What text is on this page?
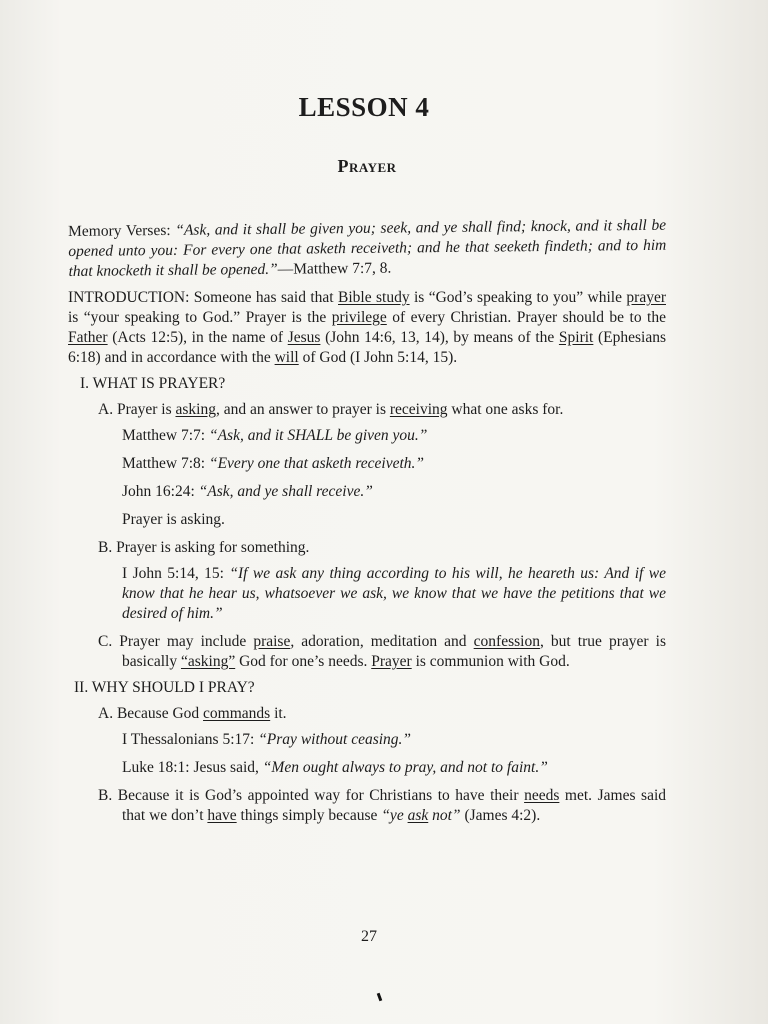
LESSON 4
Prayer

Memory Verses: “Ask, and it shall be given you; seek, and ye shall find; knock, and it shall be opened unto you: For every one that asketh receiveth; and he that seeketh findeth; and to him that knocketh it shall be opened.”—Matthew 7:7, 8.

INTRODUCTION: Someone has said that Bible study is “God’s speaking to you” while prayer is “your speaking to God.” Prayer is the privilege of every Christian. Prayer should be to the Father (Acts 12:5), in the name of Jesus (John 14:6, 13, 14), by means of the Spirit (Ephesians 6:18) and in accordance with the will of God (I John 5:14, 15).

I. WHAT IS PRAYER?
A. Prayer is asking, and an answer to prayer is receiving what one asks for.
Matthew 7:7: “Ask, and it SHALL be given you.”
Matthew 7:8: “Every one that asketh receiveth.”
John 16:24: “Ask, and ye shall receive.”
Prayer is asking.
B. Prayer is asking for something.
I John 5:14, 15: “If we ask any thing according to his will, he heareth us: And if we know that he hear us, whatsoever we ask, we know that we have the petitions that we desired of him.”
C. Prayer may include praise, adoration, meditation and confession, but true prayer is basically “asking” God for one’s needs. Prayer is communion with God.
II. WHY SHOULD I PRAY?
A. Because God commands it.
I Thessalonians 5:17: “Pray without ceasing.”
Luke 18:1: Jesus said, “Men ought always to pray, and not to faint.”
B. Because it is God’s appointed way for Christians to have their needs met. James said that we don’t have things simply because “ye ask not” (James 4:2).
27
